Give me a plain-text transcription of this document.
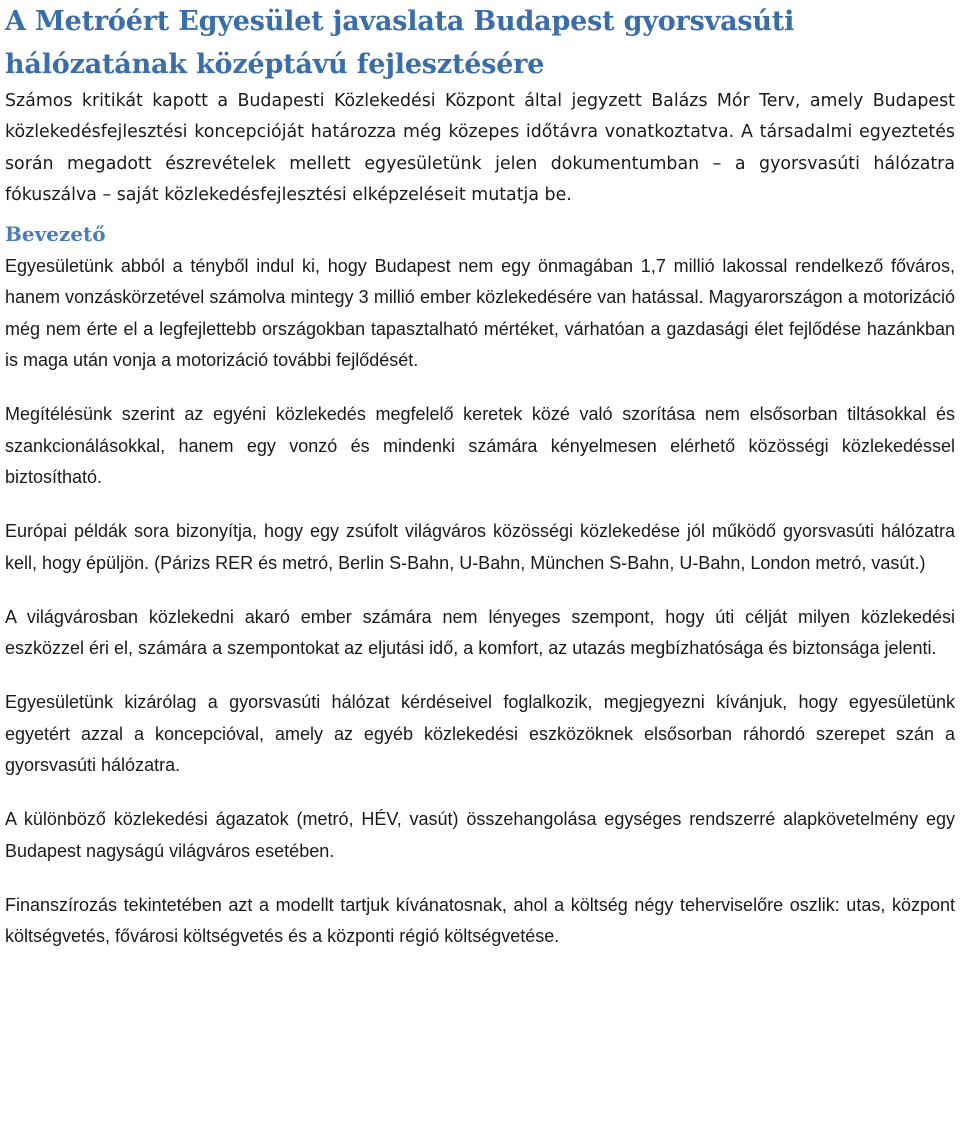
A Metróért Egyesület javaslata Budapest gyorsvasúti hálózatának középtávú fejlesztésére

Számos kritikát kapott a Budapesti Közlekedési Központ által jegyzett Balázs Mór Terv, amely Budapest közlekedésfejlesztési koncepcióját határozza még közepes időtávra vonatkoztatva. A társadalmi egyeztetés során megadott észrevételek mellett egyesületünk jelen dokumentumban – a gyorsvasúti hálózatra fókuszálva – saját közlekedésfejlesztési elképzeléseit mutatja be.

Bevezető

Egyesületünk abból a tényből indul ki, hogy Budapest nem egy önmagában 1,7 millió lakossal rendelkező főváros, hanem vonzáskörzetével számolva mintegy 3 millió ember közlekedésére van hatással. Magyarországon a motorizáció még nem érte el a legfejlettebb országokban tapasztalható mértéket, várhatóan a gazdasági élet fejlődése hazánkban is maga után vonja a motorizáció további fejlődését.

Megítélésünk szerint az egyéni közlekedés megfelelő keretek közé való szorítása nem elsősorban tiltásokkal és szankcionálásokkal, hanem egy vonzó és mindenki számára kényelmesen elérhető közösségi közlekedéssel biztosítható.

Európai példák sora bizonyítja, hogy egy zsúfolt világváros közösségi közlekedése jól működő gyorsvasúti hálózatra kell, hogy épüljön. (Párizs RER és metró, Berlin S-Bahn, U-Bahn, München S-Bahn, U-Bahn, London metró, vasút.)

A világvárosban közlekedni akaró ember számára nem lényeges szempont, hogy úti célját milyen közlekedési eszközzel éri el, számára a szempontokat az eljutási idő, a komfort, az utazás megbízhatósága és biztonsága jelenti.

Egyesületünk kizárólag a gyorsvasúti hálózat kérdéseivel foglalkozik, megjegyezni kívánjuk, hogy egyesületünk egyetért azzal a koncepcióval, amely az egyéb közlekedési eszközöknek elsősorban ráhordó szerepet szán a gyorsvasúti hálózatra.

A különböző közlekedési ágazatok (metró, HÉV, vasút) összehangolása egységes rendszerré alapkövetelmény egy Budapest nagyságú világváros esetében.

Finanszírozás tekintetében azt a modellt tartjuk kívánatosnak, ahol a költség négy teherviselőre oszlik: utas, központ költségvetés, fővárosi költségvetés és a központi régió költségvetése.
